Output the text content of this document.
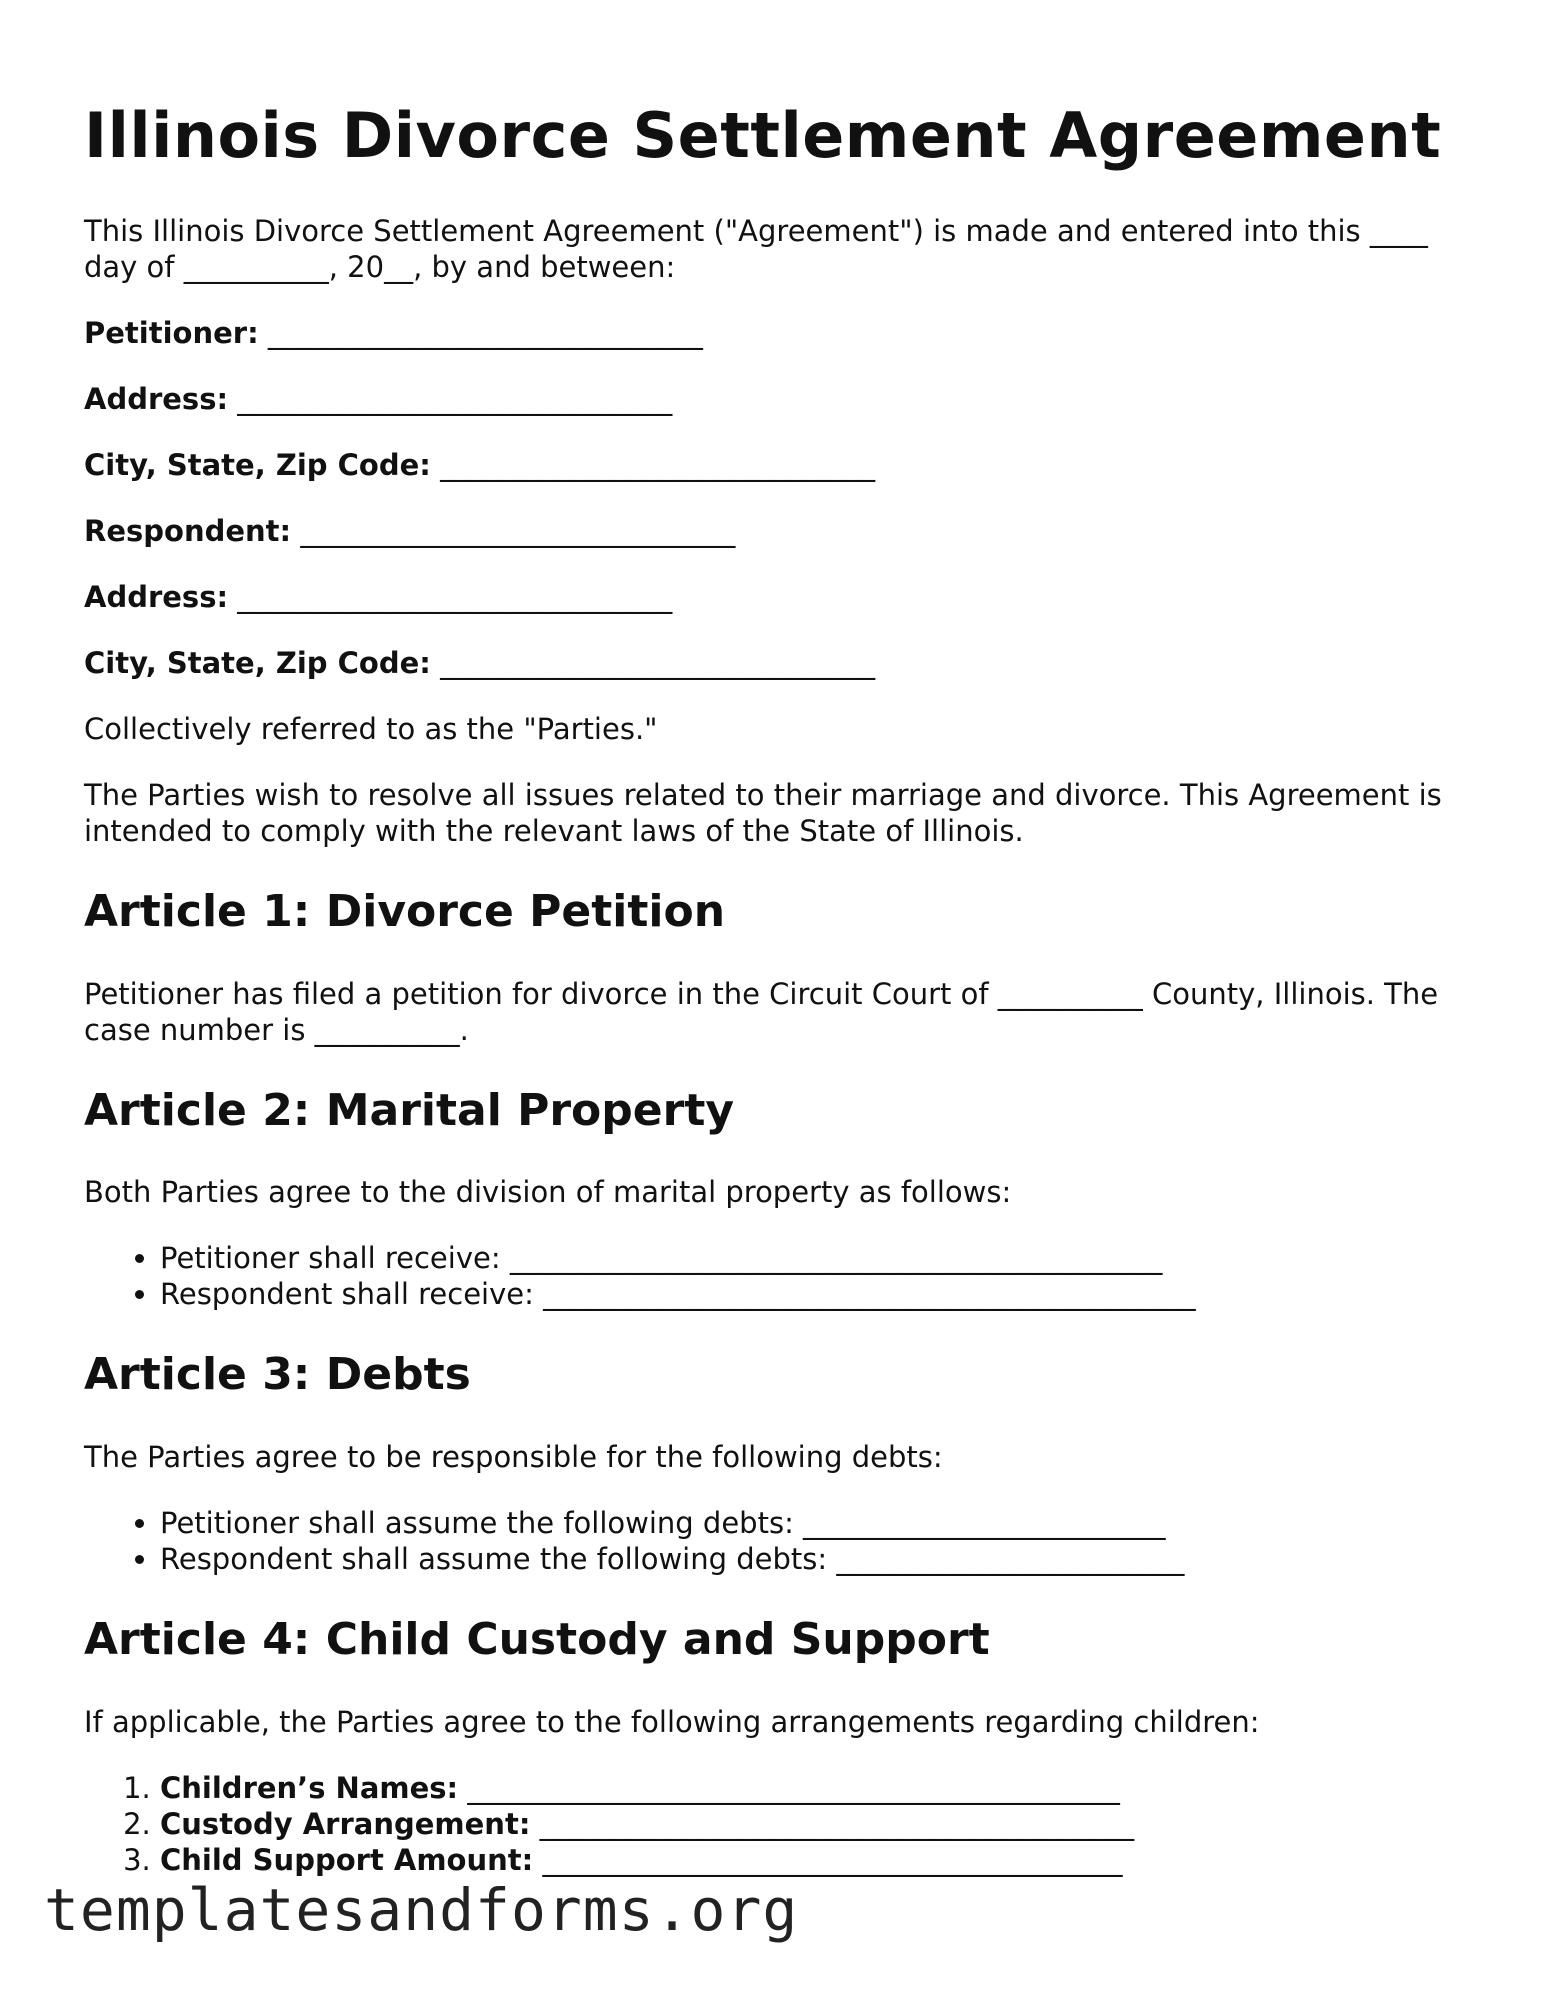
Illinois Divorce Settlement Agreement

This Illinois Divorce Settlement Agreement ("Agreement") is made and entered into this ____ day of __________, 20__, by and between:

Petitioner: ______________________________

Address: ______________________________

City, State, Zip Code: ______________________________

Respondent: ______________________________

Address: ______________________________

City, State, Zip Code: ______________________________

Collectively referred to as the "Parties."

The Parties wish to resolve all issues related to their marriage and divorce. This Agreement is intended to comply with the relevant laws of the State of Illinois.

Article 1: Divorce Petition

Petitioner has filed a petition for divorce in the Circuit Court of __________ County, Illinois. The case number is __________.

Article 2: Marital Property

Both Parties agree to the division of marital property as follows:

• Petitioner shall receive: _____________________________________________
• Respondent shall receive: _____________________________________________
Article 3: Debts

The Parties agree to be responsible for the following debts:

• Petitioner shall assume the following debts: _________________________
• Respondent shall assume the following debts: ________________________
Article 4: Child Custody and Support

If applicable, the Parties agree to the following arrangements regarding children:

1. Children’s Names: _____________________________________________
2. Custody Arrangement: _________________________________________
3. Child Support Amount: ________________________________________
templatesandforms.org
